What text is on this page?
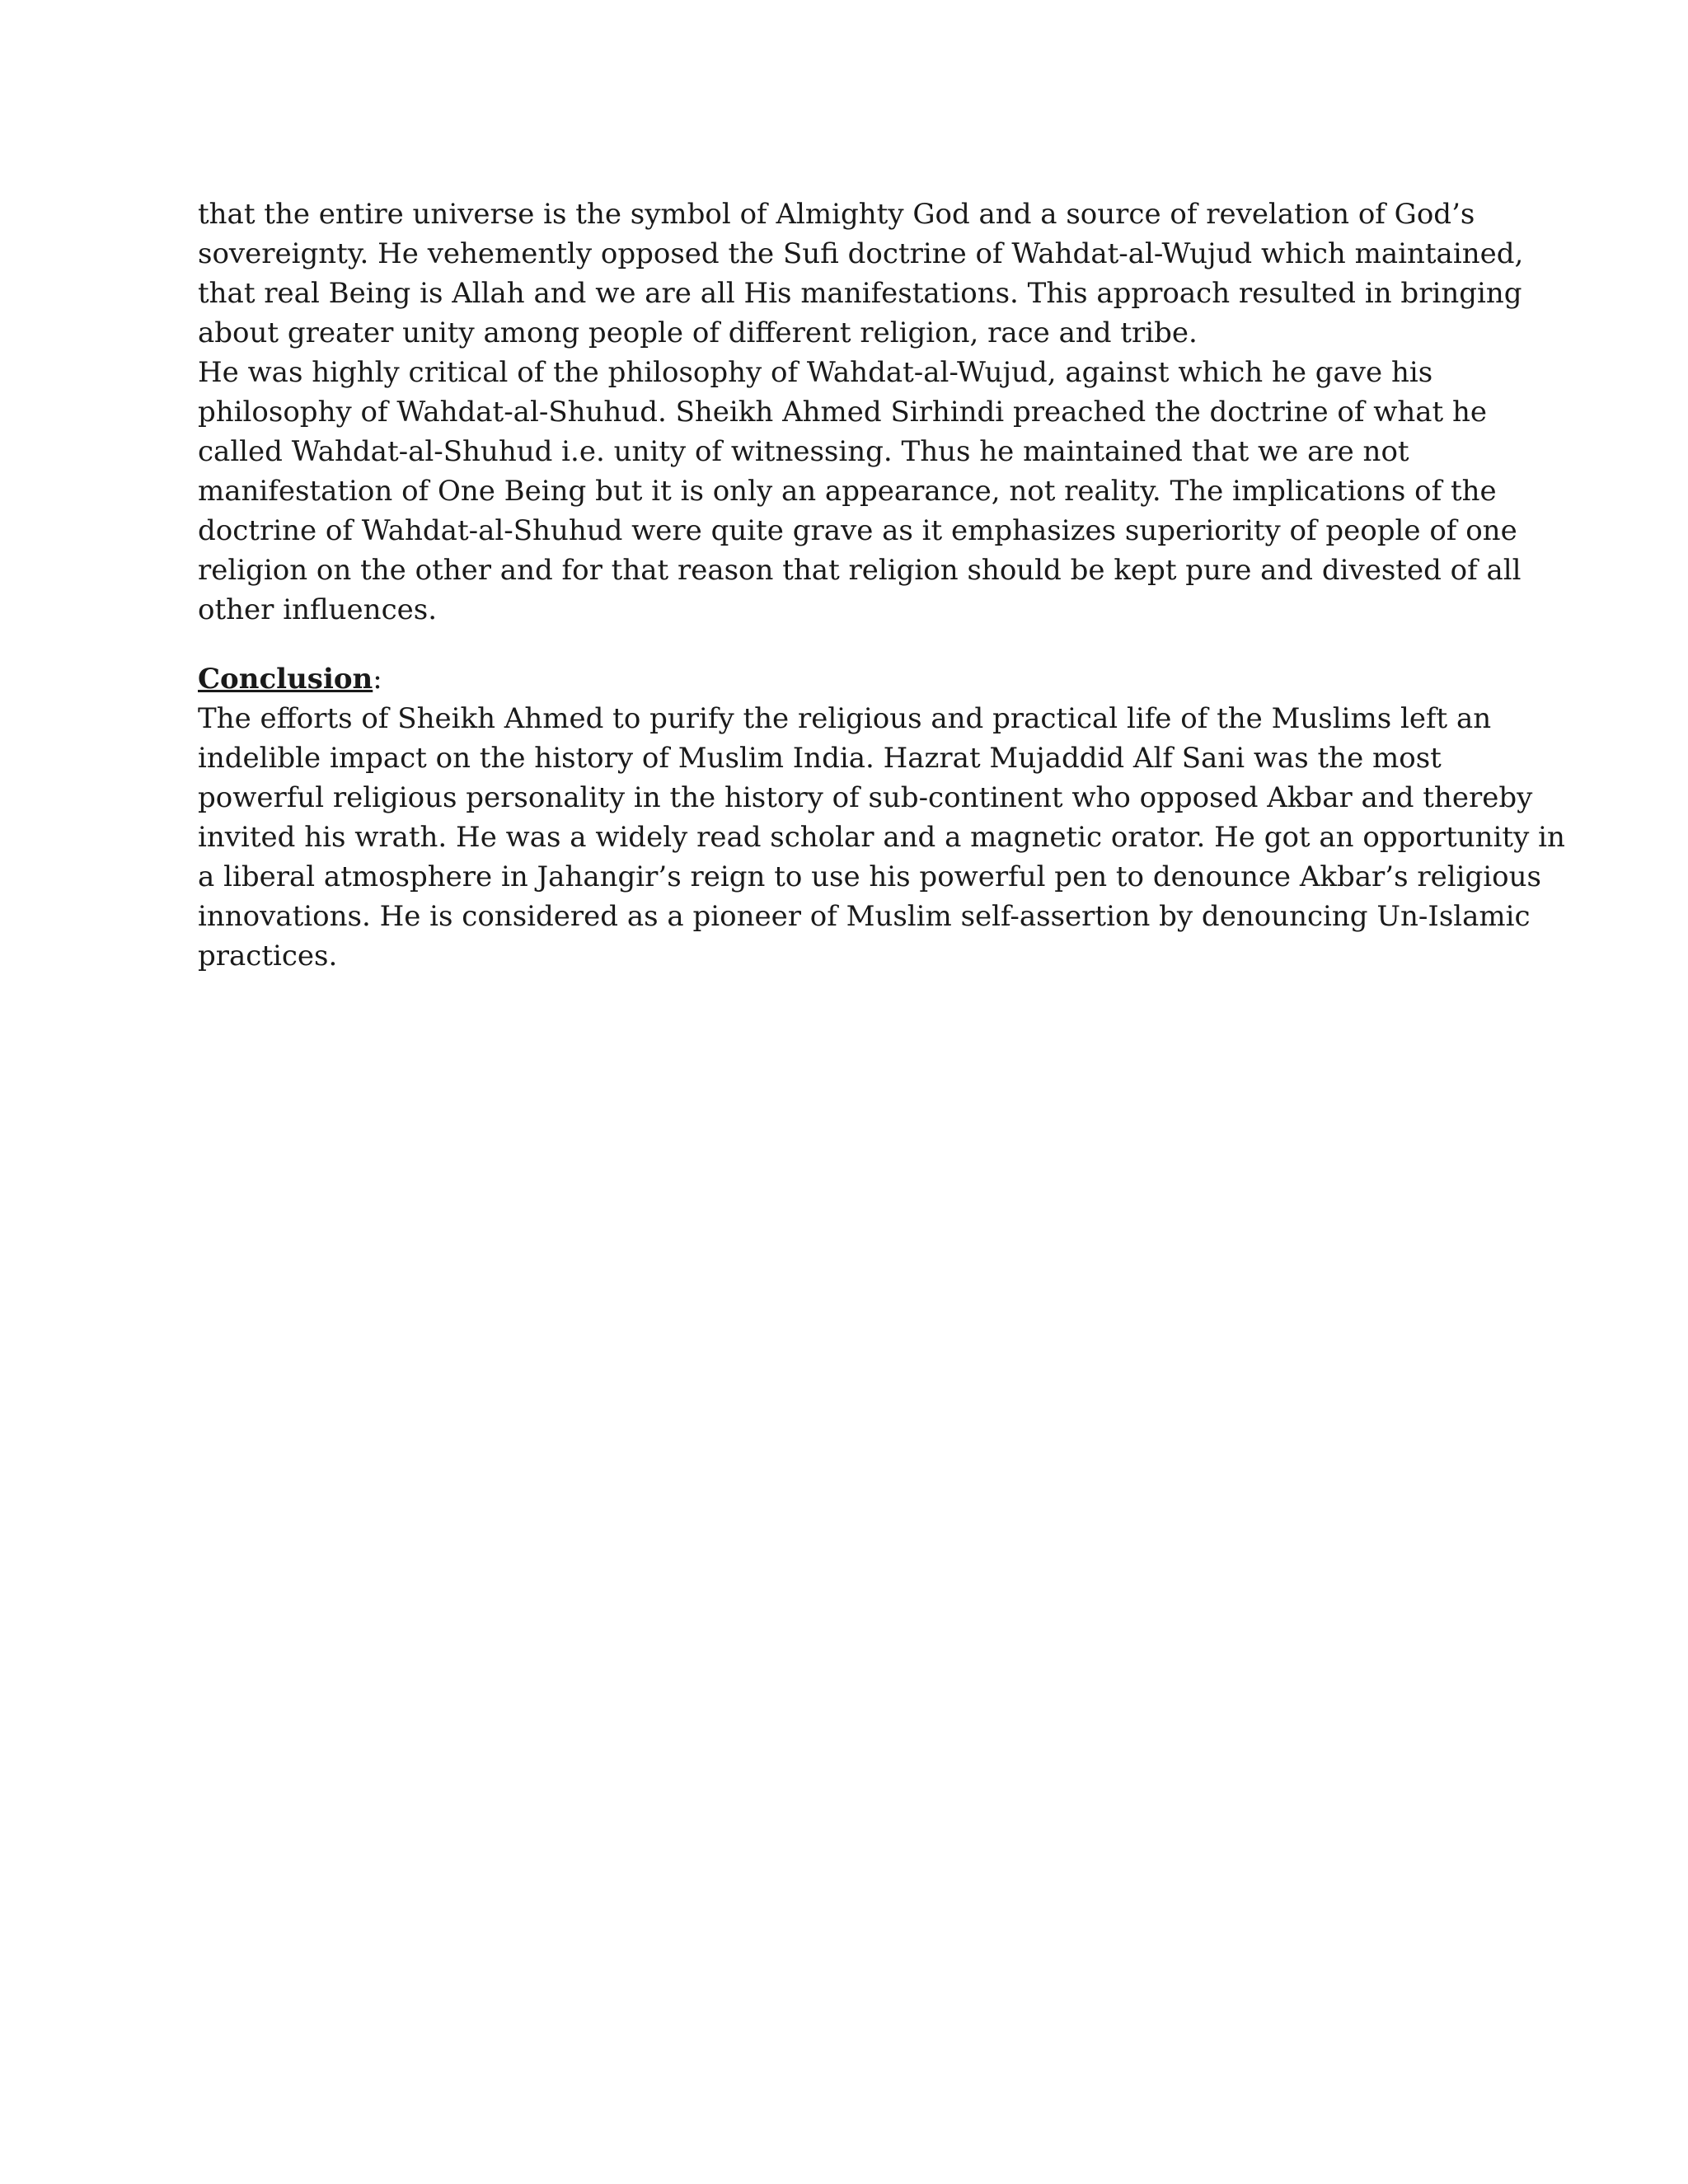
that the entire universe is the symbol of Almighty God and a source of revelation of God’s
sovereignty. He vehemently opposed the Sufi doctrine of Wahdat-al-Wujud which maintained,
that real Being is Allah and we are all His manifestations. This approach resulted in bringing
about greater unity among people of different religion, race and tribe.
He was highly critical of the philosophy of Wahdat-al-Wujud, against which he gave his
philosophy of Wahdat-al-Shuhud. Sheikh Ahmed Sirhindi preached the doctrine of what he
called Wahdat-al-Shuhud i.e. unity of witnessing. Thus he maintained that we are not
manifestation of One Being but it is only an appearance, not reality. The implications of the
doctrine of Wahdat-al-Shuhud were quite grave as it emphasizes superiority of people of one
religion on the other and for that reason that religion should be kept pure and divested of all
other influences.
Conclusion:
The efforts of Sheikh Ahmed to purify the religious and practical life of the Muslims left an
indelible impact on the history of Muslim India. Hazrat Mujaddid Alf Sani was the most
powerful religious personality in the history of sub-continent who opposed Akbar and thereby
invited his wrath. He was a widely read scholar and a magnetic orator. He got an opportunity in
a liberal atmosphere in Jahangir’s reign to use his powerful pen to denounce Akbar’s religious
innovations. He is considered as a pioneer of Muslim self-assertion by denouncing Un-Islamic
practices.
